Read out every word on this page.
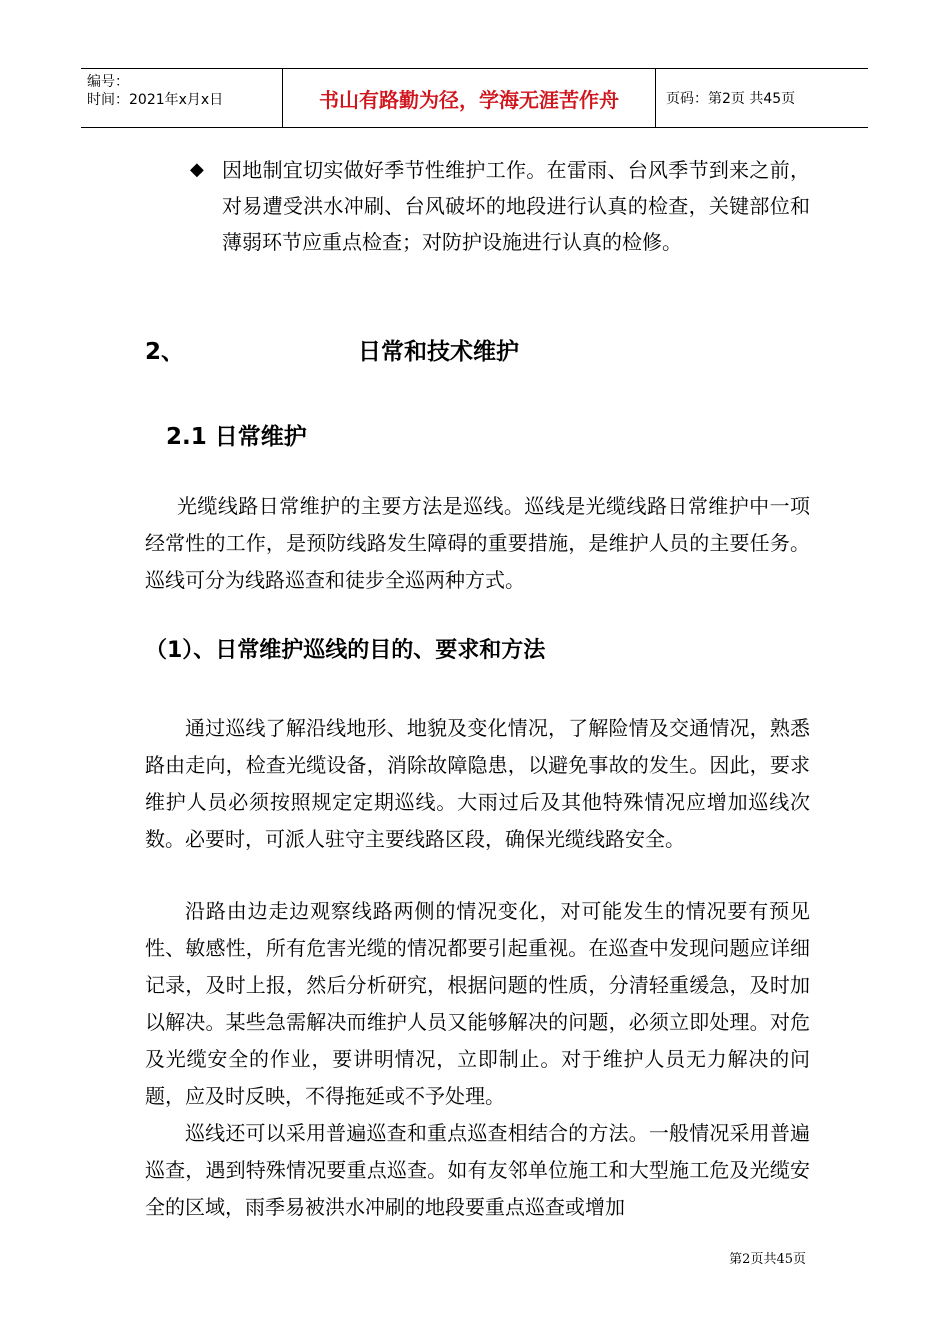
编号：
时间：2021年x月x日	书山有路勤为径，学海无涯苦作舟	页码：第2页 共45页
◆ 因地制宜切实做好季节性维护工作。在雷雨、台风季节到来之前，对易遭受洪水冲刷、台风破坏的地段进行认真的检查，关键部位和薄弱环节应重点检查；对防护设施进行认真的检修。
2、	日常和技术维护
2.1 日常维护

光缆线路日常维护的主要方法是巡线。巡线是光缆线路日常维护中一项经常性的工作，是预防线路发生障碍的重要措施，是维护人员的主要任务。巡线可分为线路巡查和徒步全巡两种方式。

（1）、日常维护巡线的目的、要求和方法

通过巡线了解沿线地形、地貌及变化情况，了解险情及交通情况，熟悉路由走向，检查光缆设备，消除故障隐患，以避免事故的发生。因此，要求维护人员必须按照规定定期巡线。大雨过后及其他特殊情况应增加巡线次数。必要时，可派人驻守主要线路区段，确保光缆线路安全。

沿路由边走边观察线路两侧的情况变化，对可能发生的情况要有预见性、敏感性，所有危害光缆的情况都要引起重视。在巡查中发现问题应详细记录，及时上报，然后分析研究，根据问题的性质，分清轻重缓急，及时加以解决。某些急需解决而维护人员又能够解决的问题，必须立即处理。对危及光缆安全的作业，要讲明情况，立即制止。对于维护人员无力解决的问题，应及时反映，不得拖延或不予处理。

巡线还可以采用普遍巡查和重点巡查相结合的方法。一般情况采用普遍巡查，遇到特殊情况要重点巡查。如有友邻单位施工和大型施工危及光缆安全的区域，雨季易被洪水冲刷的地段要重点巡查或增加

第2页共45页
